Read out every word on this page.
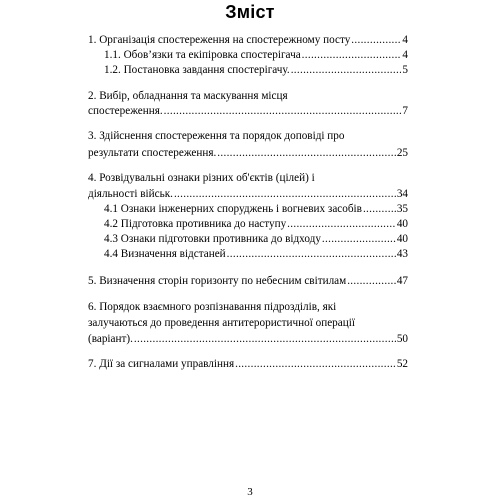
Зміст
1. Організація спостереження на спостережному посту .....	4
1.1. Обов’язки та екіпіровка спостерігача .....	4
1.2. Постановка завдання спостерігачу. .....	5
2. Вибір, обладнання та маскування місця
спостереження. .....	7
3. Здійснення спостереження та порядок доповіді про
результати спостереження. .....	25
4. Розвідувальні ознаки різних об'єктів (цілей) і
діяльності військ. .....	34
4.1 Ознаки інженерних споруджень і вогневих засобів .....	35
4.2 Підготовка противника до наступу .....	40
4.3 Ознаки підготовки противника до відходу .....	40
4.4 Визначення відстаней .....	43
5. Визначення сторін горизонту по небесним світилам .....	47
6. Порядок взаємного розпізнавання підрозділів, які
залучаються до проведення антитерористичної операції
(варіант). .....	50
7. Дії за сигналами управління .....	52
3
